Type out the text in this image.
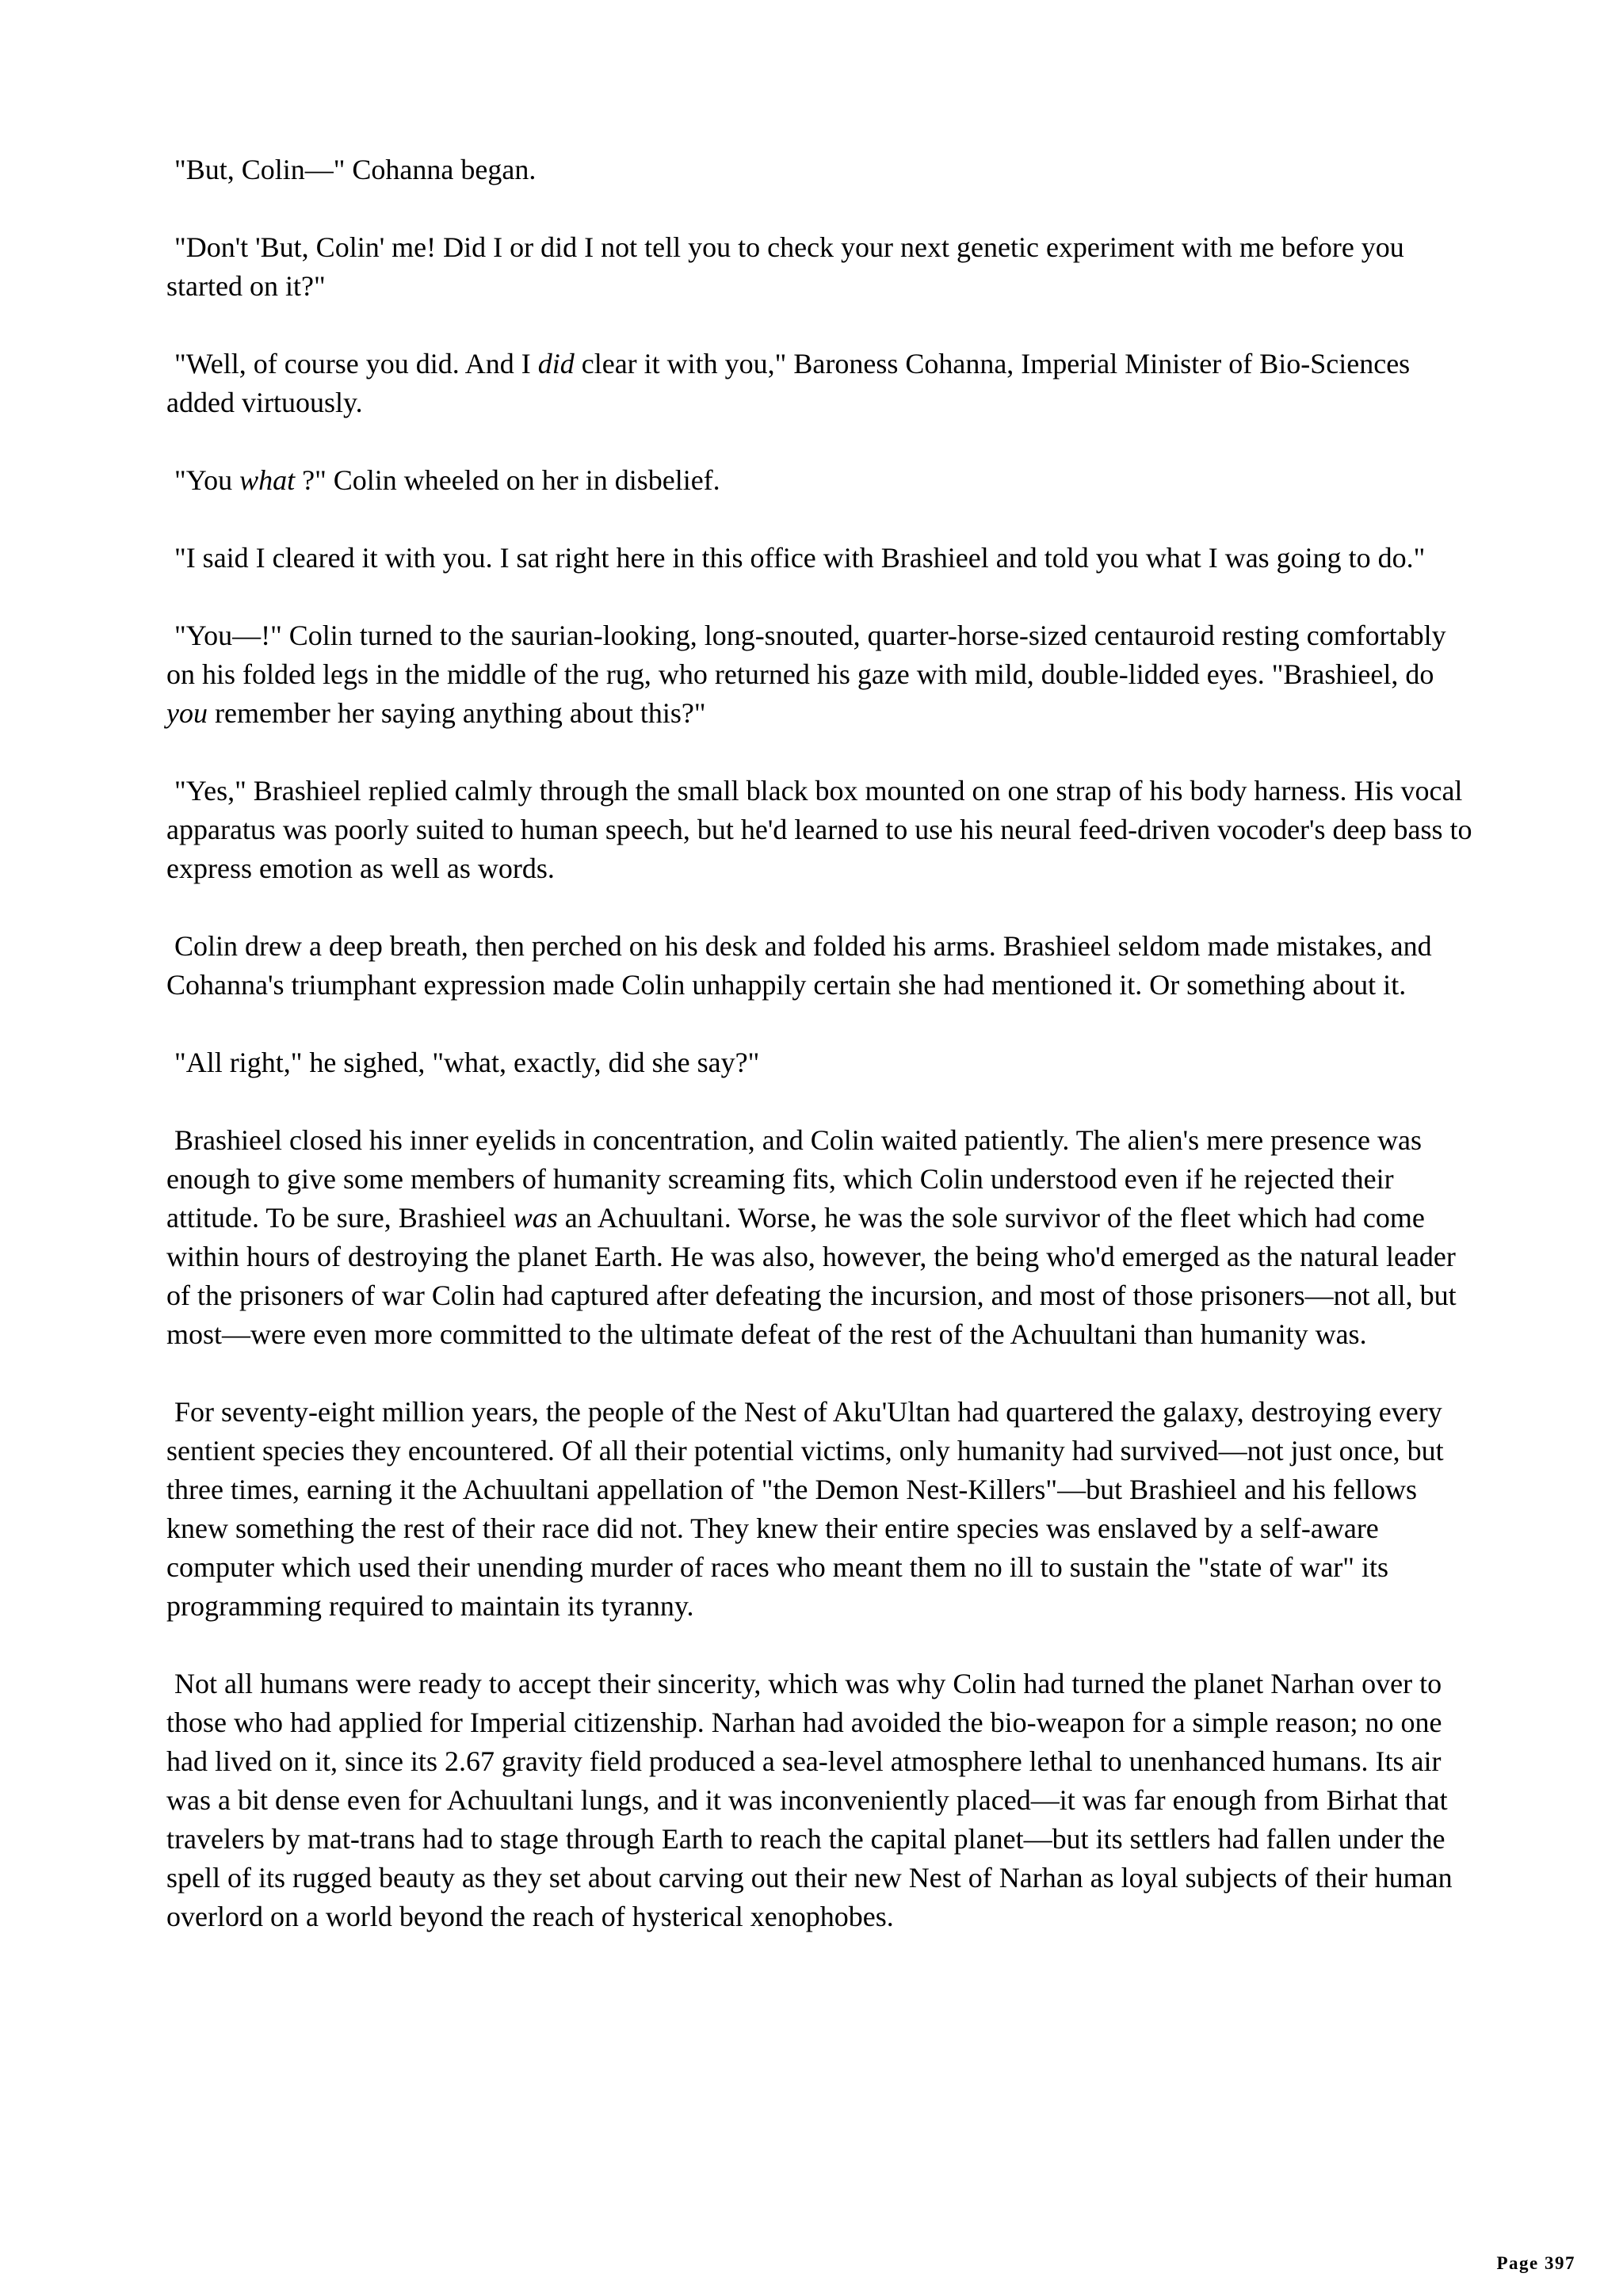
"But, Colin—" Cohanna began.

"Don't 'But, Colin' me! Did I or did I not tell you to check your next genetic experiment with me before you started on it?"

"Well, of course you did. And I did clear it with you," Baroness Cohanna, Imperial Minister of Bio-Sciences added virtuously.

"You what ?" Colin wheeled on her in disbelief.

"I said I cleared it with you. I sat right here in this office with Brashieel and told you what I was going to do."

"You—!" Colin turned to the saurian-looking, long-snouted, quarter-horse-sized centauroid resting comfortably on his folded legs in the middle of the rug, who returned his gaze with mild, double-lidded eyes. "Brashieel, do you remember her saying anything about this?"

"Yes," Brashieel replied calmly through the small black box mounted on one strap of his body harness. His vocal apparatus was poorly suited to human speech, but he'd learned to use his neural feed-driven vocoder's deep bass to express emotion as well as words.

Colin drew a deep breath, then perched on his desk and folded his arms. Brashieel seldom made mistakes, and Cohanna's triumphant expression made Colin unhappily certain she had mentioned it. Or something about it.

"All right," he sighed, "what, exactly, did she say?"

Brashieel closed his inner eyelids in concentration, and Colin waited patiently. The alien's mere presence was enough to give some members of humanity screaming fits, which Colin understood even if he rejected their attitude. To be sure, Brashieel was an Achuultani. Worse, he was the sole survivor of the fleet which had come within hours of destroying the planet Earth. He was also, however, the being who'd emerged as the natural leader of the prisoners of war Colin had captured after defeating the incursion, and most of those prisoners—not all, but most—were even more committed to the ultimate defeat of the rest of the Achuultani than humanity was.

For seventy-eight million years, the people of the Nest of Aku'Ultan had quartered the galaxy, destroying every sentient species they encountered. Of all their potential victims, only humanity had survived—not just once, but three times, earning it the Achuultani appellation of "the Demon Nest-Killers"—but Brashieel and his fellows knew something the rest of their race did not. They knew their entire species was enslaved by a self-aware computer which used their unending murder of races who meant them no ill to sustain the "state of war" its programming required to maintain its tyranny.

Not all humans were ready to accept their sincerity, which was why Colin had turned the planet Narhan over to those who had applied for Imperial citizenship. Narhan had avoided the bio-weapon for a simple reason; no one had lived on it, since its 2.67 gravity field produced a sea-level atmosphere lethal to unenhanced humans. Its air was a bit dense even for Achuultani lungs, and it was inconveniently placed—it was far enough from Birhat that travelers by mat-trans had to stage through Earth to reach the capital planet—but its settlers had fallen under the spell of its rugged beauty as they set about carving out their new Nest of Narhan as loyal subjects of their human overlord on a world beyond the reach of hysterical xenophobes.

Page 397
